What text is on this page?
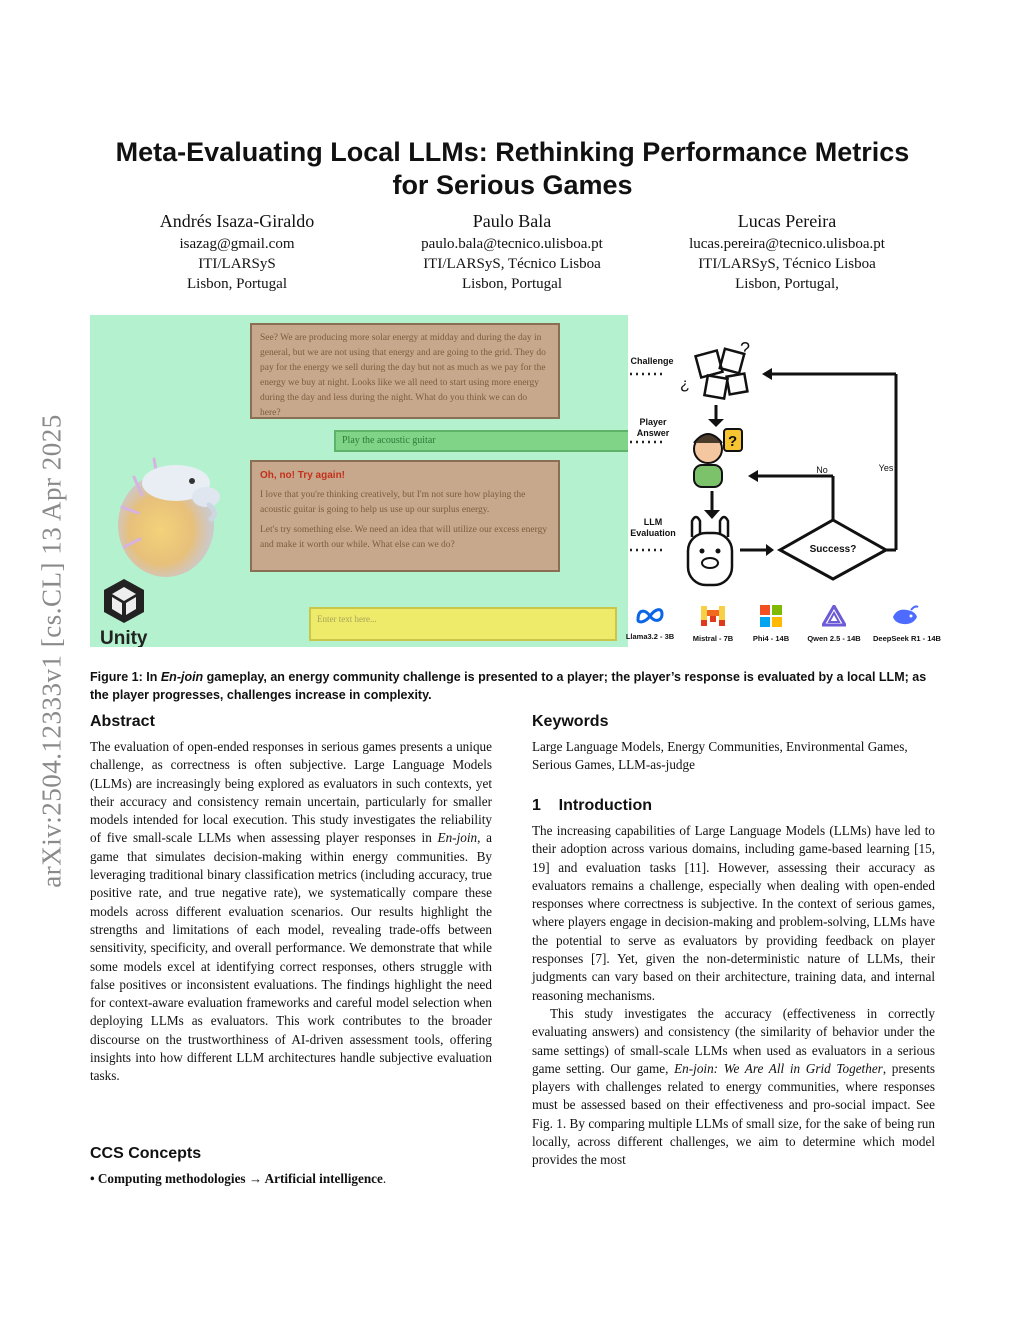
arXiv:2504.12333v1 [cs.CL] 13 Apr 2025
Meta-Evaluating Local LLMs: Rethinking Performance Metrics
for Serious Games
Andrés Isaza-Giraldo
isazag@gmail.com
ITI/LARSyS
Lisbon, Portugal
Paulo Bala
paulo.bala@tecnico.ulisboa.pt
ITI/LARSyS, Técnico Lisboa
Lisbon, Portugal
Lucas Pereira
lucas.pereira@tecnico.ulisboa.pt
ITI/LARSyS, Técnico Lisboa
Lisbon, Portugal,
See? We are producing more solar energy at midday and during the day in general, but we are not using that energy and are going to the grid. They do pay for the energy we sell during the day but not as much as we pay for the energy we buy at night. Looks like we all need to start using more energy during the day and less during the night. What do you think we can do here?
Play the acoustic guitar
Oh, no! Try again!
I love that you're thinking creatively, but I'm not sure how playing the acoustic guitar is going to help us use up our surplus energy.
Let's try something else. We need an idea that will utilize our excess energy and make it worth our while. What else can we do?
Enter text here...
Unity
?
¿
?
Challenge
Player
Answer
LLM
Evaluation
Success?
No	Yes
Llama3.2 - 3B	Mistral - 7B	Phi4 - 14B	Qwen 2.5 - 14B	DeepSeek R1 - 14B
Figure 1: In En-join gameplay, an energy community challenge is presented to a player; the player’s response is evaluated by a local LLM; as the player progresses, challenges increase in complexity.
Abstract
The evaluation of open-ended responses in serious games presents a unique challenge, as correctness is often subjective. Large Language Models (LLMs) are increasingly being explored as evaluators in such contexts, yet their accuracy and consistency remain uncertain, particularly for smaller models intended for local execution. This study investigates the reliability of five small-scale LLMs when assessing player responses in En-join, a game that simulates decision-making within energy communities. By leveraging traditional binary classification metrics (including accuracy, true positive rate, and true negative rate), we systematically compare these models across different evaluation scenarios. Our results highlight the strengths and limitations of each model, revealing trade-offs between sensitivity, specificity, and overall performance. We demonstrate that while some models excel at identifying correct responses, others struggle with false positives or inconsistent evaluations. The findings highlight the need for context-aware evaluation frameworks and careful model selection when deploying LLMs as evaluators. This work contributes to the broader discourse on the trustworthiness of AI-driven assessment tools, offering insights into how different LLM architectures handle subjective evaluation tasks.
CCS Concepts
• Computing methodologies → Artificial intelligence.
Keywords
Large Language Models, Energy Communities, Environmental Games, Serious Games, LLM-as-judge
1    Introduction

The increasing capabilities of Large Language Models (LLMs) have led to their adoption across various domains, including game-based learning [15, 19] and evaluation tasks [11]. However, assessing their accuracy as evaluators remains a challenge, especially when dealing with open-ended responses where correctness is subjective. In the context of serious games, where players engage in decision-making and problem-solving, LLMs have the potential to serve as evaluators by providing feedback on player responses [7]. Yet, given the non-deterministic nature of LLMs, their judgments can vary based on their architecture, training data, and internal reasoning mechanisms.

This study investigates the accuracy (effectiveness in correctly evaluating answers) and consistency (the similarity of behavior under the same settings) of small-scale LLMs when used as evaluators in a serious game setting. Our game, En-join: We Are All in Grid Together, presents players with challenges related to energy communities, where responses must be assessed based on their effectiveness and pro-social impact. See Fig. 1. By comparing multiple LLMs of small size, for the sake of being run locally, across different challenges, we aim to determine which model provides the most
